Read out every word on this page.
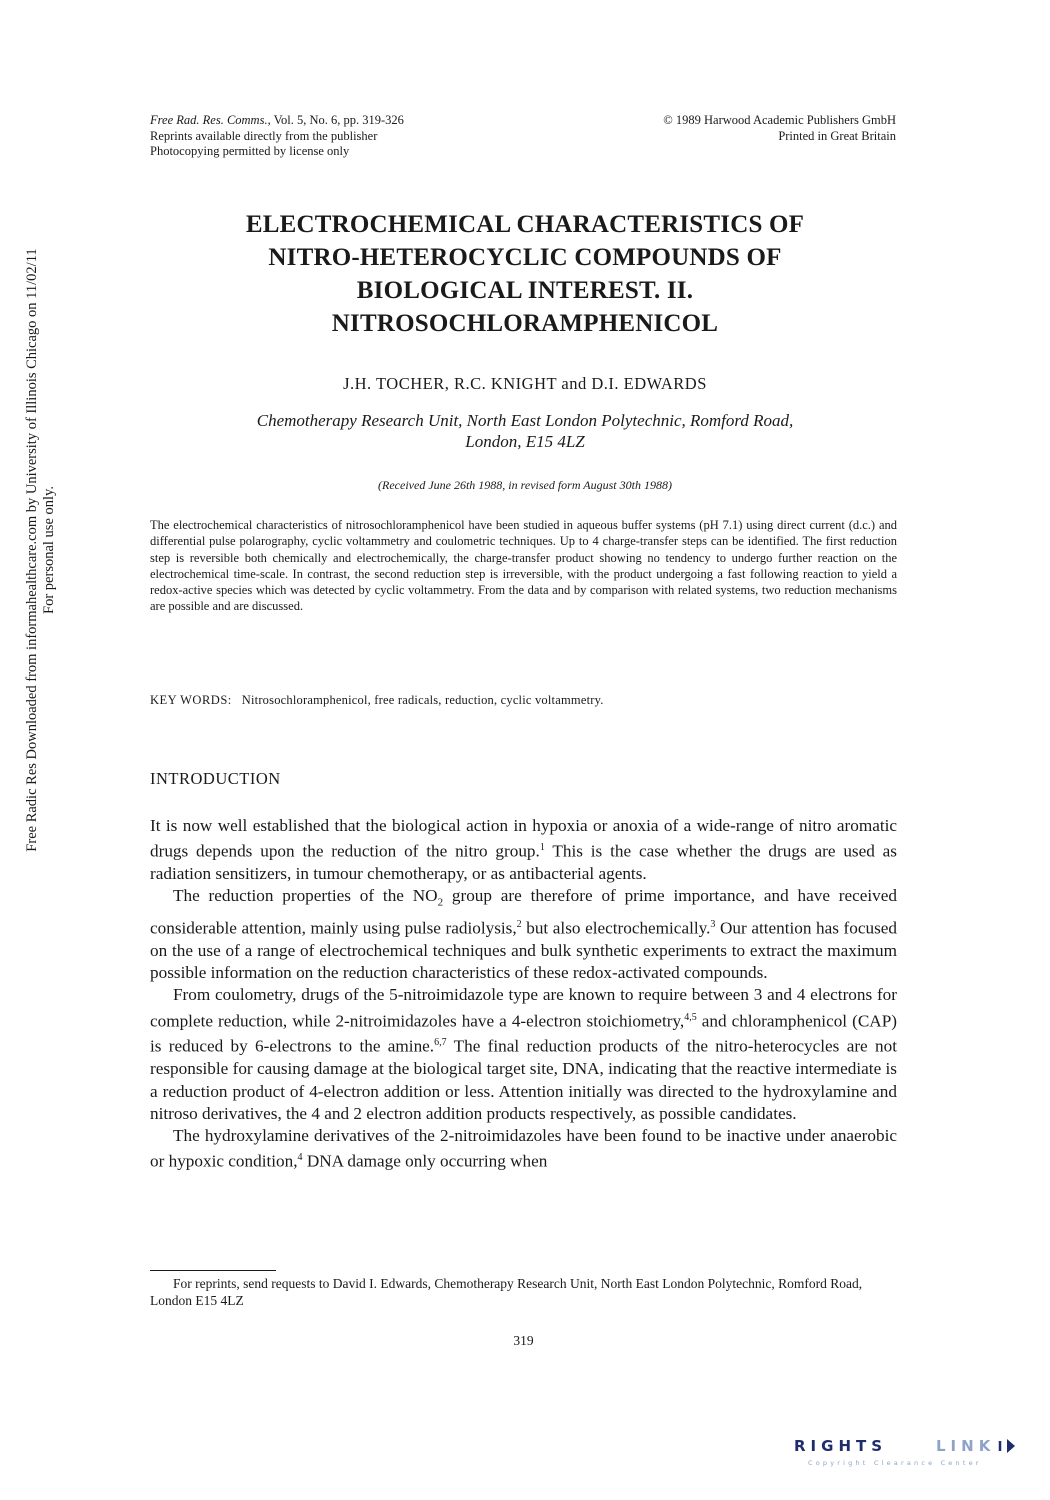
Free Rad. Res. Comms., Vol. 5, No. 6, pp. 319-326
Reprints available directly from the publisher
Photocopying permitted by license only
© 1989 Harwood Academic Publishers GmbH
Printed in Great Britain
ELECTROCHEMICAL CHARACTERISTICS OF
NITRO-HETEROCYCLIC COMPOUNDS OF
BIOLOGICAL INTEREST. II.
NITROSOCHLORAMPHENICOL
J.H. TOCHER, R.C. KNIGHT and D.I. EDWARDS
Chemotherapy Research Unit, North East London Polytechnic, Romford Road,
London, E15 4LZ
(Received June 26th 1988, in revised form August 30th 1988)
The electrochemical characteristics of nitrosochloramphenicol have been studied in aqueous buffer systems (pH 7.1) using direct current (d.c.) and differential pulse polarography, cyclic voltammetry and coulometric techniques. Up to 4 charge-transfer steps can be identified. The first reduction step is reversible both chemically and electrochemically, the charge-transfer product showing no tendency to undergo further reaction on the electrochemical time-scale. In contrast, the second reduction step is irreversible, with the product undergoing a fast following reaction to yield a redox-active species which was detected by cyclic voltammetry. From the data and by comparison with related systems, two reduction mechanisms are possible and are discussed.
KEY WORDS: Nitrosochloramphenicol, free radicals, reduction, cyclic voltammetry.
INTRODUCTION

It is now well established that the biological action in hypoxia or anoxia of a wide-range of nitro aromatic drugs depends upon the reduction of the nitro group.$^1$ This is the case whether the drugs are used as radiation sensitizers, in tumour chemotherapy, or as antibacterial agents.

The reduction properties of the $NO_2$ group are therefore of prime importance, and have received considerable attention, mainly using pulse radiolysis,$^2$ but also electrochemically.$^3$ Our attention has focused on the use of a range of electrochemical techniques and bulk synthetic experiments to extract the maximum possible information on the reduction characteristics of these redox-activated compounds.

From coulometry, drugs of the 5-nitroimidazole type are known to require between 3 and 4 electrons for complete reduction, while 2-nitroimidazoles have a 4-electron stoichiometry,$^{4,5}$ and chloramphenicol (CAP) is reduced by 6-electrons to the amine.$^{6,7}$ The final reduction products of the nitro-heterocycles are not responsible for causing damage at the biological target site, DNA, indicating that the reactive intermediate is a reduction product of 4-electron addition or less. Attention initially was directed to the hydroxylamine and nitroso derivatives, the 4 and 2 electron addition products respectively, as possible candidates.

The hydroxylamine derivatives of the 2-nitroimidazoles have been found to be inactive under anaerobic or hypoxic condition,$^4$ DNA damage only occurring when

For reprints, send requests to David I. Edwards, Chemotherapy Research Unit, North East London Polytechnic, Romford Road, London E15 4LZ

319
Free Radic Res Downloaded from informahealthcare.com by University of Illinois Chicago on 11/02/11 For personal use only.
RIGHTS	LINK
Copyright Clearance Center
